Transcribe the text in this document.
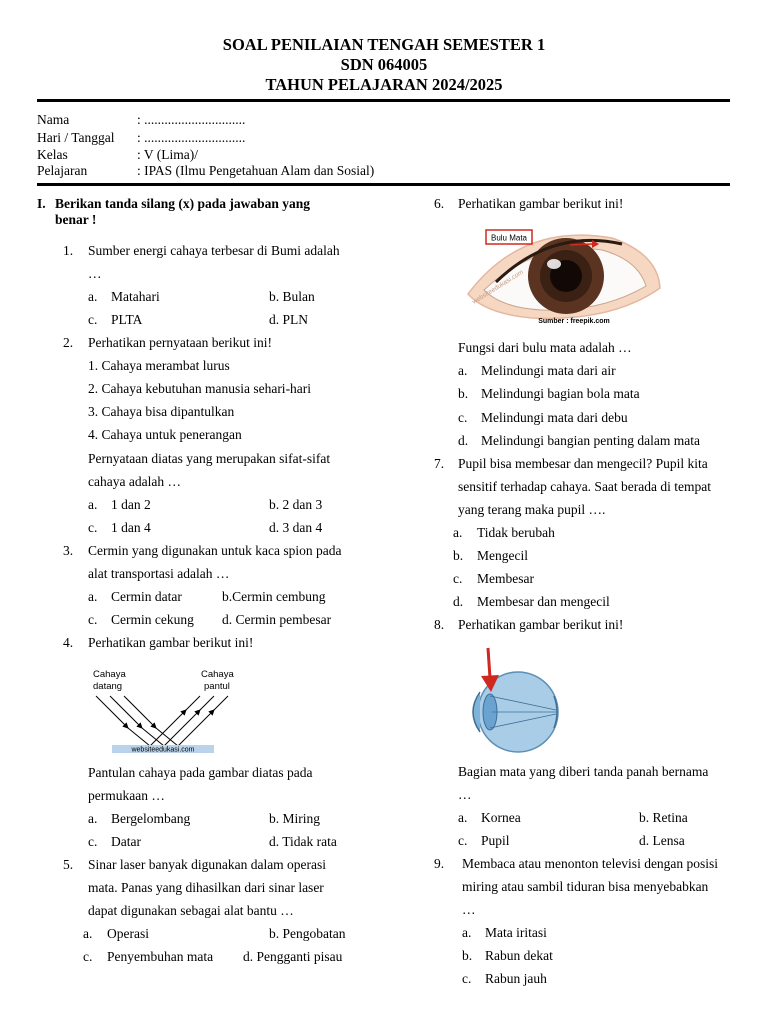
SOAL PENILAIAN TENGAH SEMESTER 1
SDN 064005
TAHUN PELAJARAN 2024/2025
Nama	: ..............................
Hari / Tanggal : ..............................
Kelas	: V (Lima)/
Pelajaran	: IPAS (Ilmu Pengetahuan Alam dan Sosial)
I. Berikan tanda silang (x) pada jawaban yang
benar !
1. Sumber energi cahaya terbesar di Bumi adalah
…
a. Matahari	b. Bulan
c. PLTA	d. PLN
2. Perhatikan pernyataan berikut ini!
1. Cahaya merambat lurus
2. Cahaya kebutuhan manusia sehari-hari
3. Cahaya bisa dipantulkan
4. Cahaya untuk penerangan
Pernyataan diatas yang merupakan sifat-sifat
cahaya adalah …
a. 1 dan 2	b. 2 dan 3
c. 1 dan 4	d. 3 dan 4
3. Cermin yang digunakan untuk kaca spion pada
alat transportasi adalah …
a. Cermin datar	b.Cermin cembung
c. Cermin cekung d. Cermin pembesar
4. Perhatikan gambar berikut ini!
Cahaya
datang
Cahaya
pantul
websiteedukasi.com
Pantulan cahaya pada gambar diatas pada
permukaan …
a. Bergelombang	b. Miring
c. Datar	d. Tidak rata
5. Sinar laser banyak digunakan dalam operasi
mata. Panas yang dihasilkan dari sinar laser
dapat digunakan sebagai alat bantu …
a. Operasi	b. Pengobatan
c. Penyembuhan mata d. Pengganti pisau
6. Perhatikan gambar berikut ini!
Bulu Mata
websiteedukasi.com
Sumber : freepik.com
Fungsi dari bulu mata adalah …
a. Melindungi mata dari air
b. Melindungi bagian bola mata
c. Melindungi mata dari debu
d. Melindungi bangian penting dalam mata
7. Pupil bisa membesar dan mengecil? Pupil kita
sensitif terhadap cahaya. Saat berada di tempat
yang terang maka pupil ….
a. Tidak berubah
b. Mengecil
c. Membesar
d. Membesar dan mengecil
8. Perhatikan gambar berikut ini!
Bagian mata yang diberi tanda panah bernama
…
a. Kornea	b. Retina
c. Pupil	d. Lensa
9. Membaca atau menonton televisi dengan posisi
miring atau sambil tiduran bisa menyebabkan
…
a. Mata iritasi
b. Rabun dekat
c. Rabun jauh
